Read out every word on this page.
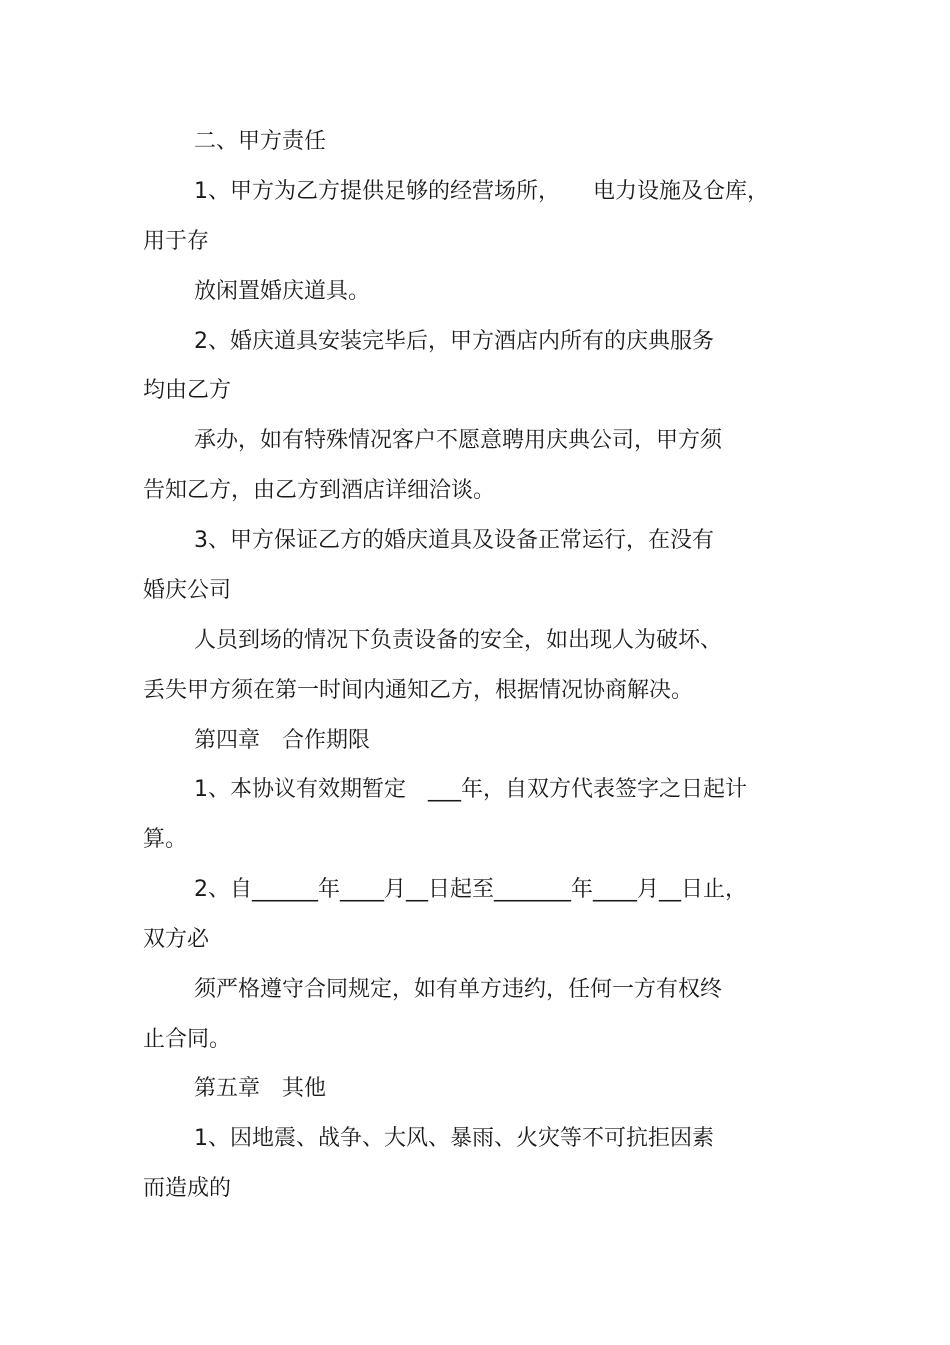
二、甲方责任

1、甲方为乙方提供足够的经营场所，　　电力设施及仓库，

用于存

放闲置婚庆道具。

2、婚庆道具安装完毕后，甲方酒店内所有的庆典服务

均由乙方

承办，如有特殊情况客户不愿意聘用庆典公司，甲方须

告知乙方，由乙方到酒店详细洽谈。

3、甲方保证乙方的婚庆道具及设备正常运行，在没有

婚庆公司

人员到场的情况下负责设备的安全，如出现人为破坏、

丢失甲方须在第一时间内通知乙方，根据情况协商解决。

第四章　合作期限

1、本协议有效期暂定　___年，自双方代表签字之日起计

算。

2、自______年____月__日起至_______年____月__日止，

双方必

须严格遵守合同规定，如有单方违约，任何一方有权终

止合同。

第五章　其他

1、因地震、战争、大风、暴雨、火灾等不可抗拒因素

而造成的
